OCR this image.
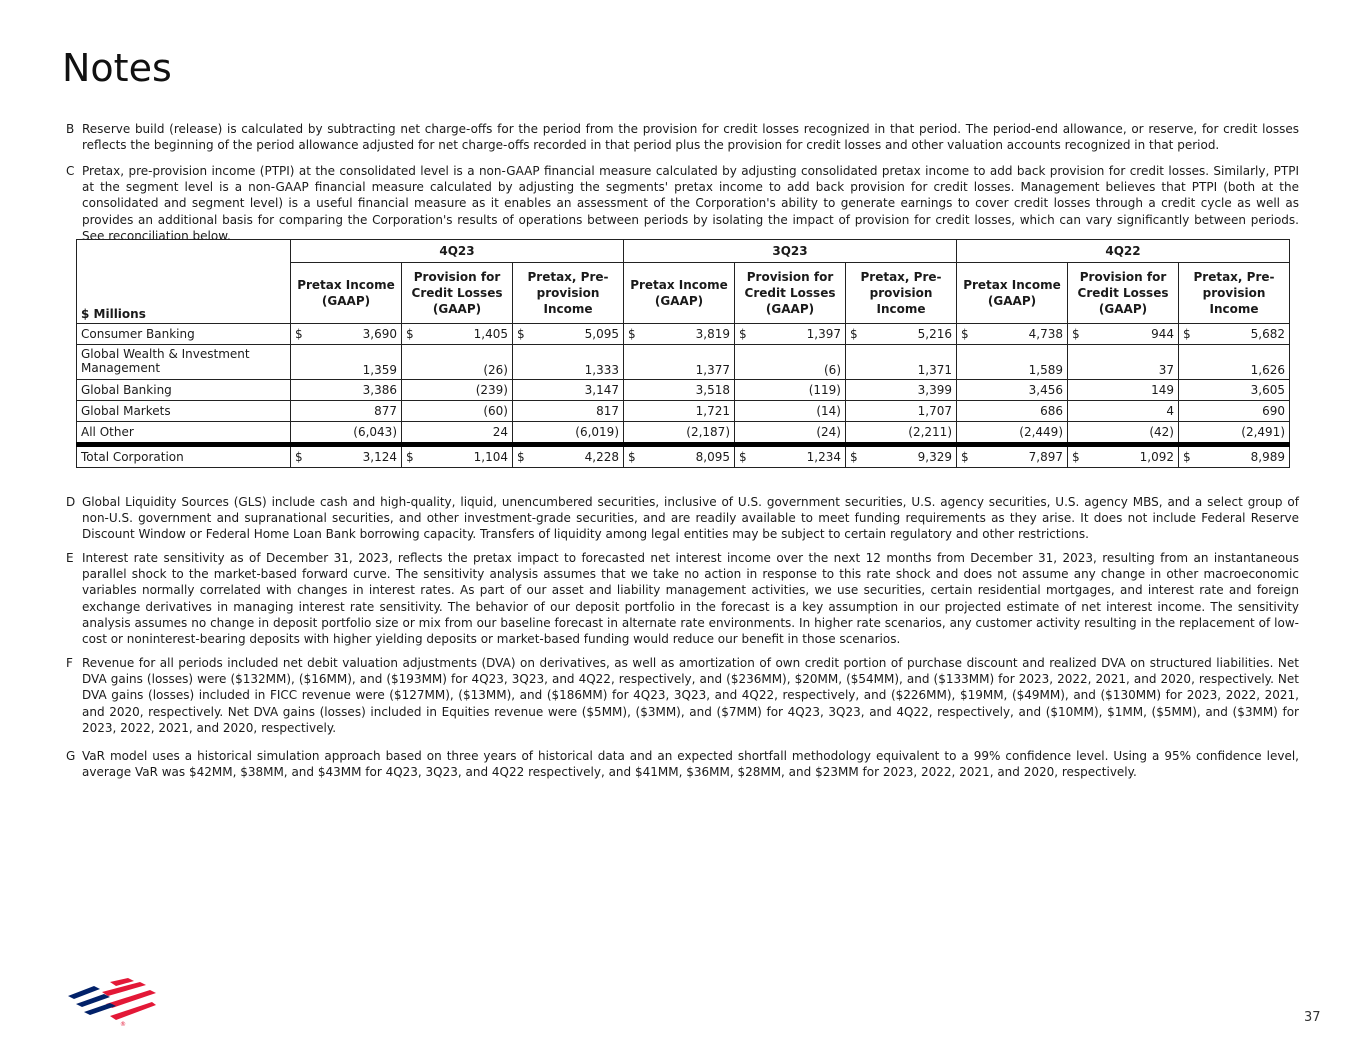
Notes
B Reserve build (release) is calculated by subtracting net charge-offs for the period from the provision for credit losses recognized in that period. The period-end allowance, or reserve, for credit losses reflects the beginning of the period allowance adjusted for net charge-offs recorded in that period plus the provision for credit losses and other valuation accounts recognized in that period.
C Pretax, pre-provision income (PTPI) at the consolidated level is a non-GAAP financial measure calculated by adjusting consolidated pretax income to add back provision for credit losses. Similarly, PTPI at the segment level is a non-GAAP financial measure calculated by adjusting the segments' pretax income to add back provision for credit losses. Management believes that PTPI (both at the consolidated and segment level) is a useful financial measure as it enables an assessment of the Corporation's ability to generate earnings to cover credit losses through a credit cycle as well as provides an additional basis for comparing the Corporation's results of operations between periods by isolating the impact of provision for credit losses, which can vary significantly between periods. See reconciliation below.
$ Millions	4Q23			3Q23			4Q22		
	Pretax Income (GAAP)	Provision for Credit Losses (GAAP)	Pretax, Pre-provision Income	Pretax Income (GAAP)	Provision for Credit Losses (GAAP)	Pretax, Pre-provision Income	Pretax Income (GAAP)	Provision for Credit Losses (GAAP)	Pretax, Pre-provision Income
Consumer Banking	$ 3,690	$ 1,405	$ 5,095	$ 3,819	$ 1,397	$ 5,216	$ 4,738	$ 944	$ 5,682
Global Wealth & Investment Management	1,359	(26)	1,333	1,377	(6)	1,371	1,589	37	1,626
Global Banking	3,386	(239)	3,147	3,518	(119)	3,399	3,456	149	3,605
Global Markets	877	(60)	817	1,721	(14)	1,707	686	4	690
All Other	(6,043)	24	(6,019)	(2,187)	(24)	(2,211)	(2,449)	(42)	(2,491)
Total Corporation	$ 3,124	$ 1,104	$ 4,228	$ 8,095	$ 1,234	$ 9,329	$ 7,897	$ 1,092	$ 8,989
D Global Liquidity Sources (GLS) include cash and high-quality, liquid, unencumbered securities, inclusive of U.S. government securities, U.S. agency securities, U.S. agency MBS, and a select group of non-U.S. government and supranational securities, and other investment-grade securities, and are readily available to meet funding requirements as they arise. It does not include Federal Reserve Discount Window or Federal Home Loan Bank borrowing capacity. Transfers of liquidity among legal entities may be subject to certain regulatory and other restrictions.
E Interest rate sensitivity as of December 31, 2023, reflects the pretax impact to forecasted net interest income over the next 12 months from December 31, 2023, resulting from an instantaneous parallel shock to the market-based forward curve. The sensitivity analysis assumes that we take no action in response to this rate shock and does not assume any change in other macroeconomic variables normally correlated with changes in interest rates. As part of our asset and liability management activities, we use securities, certain residential mortgages, and interest rate and foreign exchange derivatives in managing interest rate sensitivity. The behavior of our deposit portfolio in the forecast is a key assumption in our projected estimate of net interest income. The sensitivity analysis assumes no change in deposit portfolio size or mix from our baseline forecast in alternate rate environments. In higher rate scenarios, any customer activity resulting in the replacement of low-cost or noninterest-bearing deposits with higher yielding deposits or market-based funding would reduce our benefit in those scenarios.
F Revenue for all periods included net debit valuation adjustments (DVA) on derivatives, as well as amortization of own credit portion of purchase discount and realized DVA on structured liabilities. Net DVA gains (losses) were ($132MM), ($16MM), and ($193MM) for 4Q23, 3Q23, and 4Q22, respectively, and ($236MM), $20MM, ($54MM), and ($133MM) for 2023, 2022, 2021, and 2020, respectively. Net DVA gains (losses) included in FICC revenue were ($127MM), ($13MM), and ($186MM) for 4Q23, 3Q23, and 4Q22, respectively, and ($226MM), $19MM, ($49MM), and ($130MM) for 2023, 2022, 2021, and 2020, respectively. Net DVA gains (losses) included in Equities revenue were ($5MM), ($3MM), and ($7MM) for 4Q23, 3Q23, and 4Q22, respectively, and ($10MM), $1MM, ($5MM), and ($3MM) for 2023, 2022, 2021, and 2020, respectively.
G VaR model uses a historical simulation approach based on three years of historical data and an expected shortfall methodology equivalent to a 99% confidence level. Using a 95% confidence level, average VaR was $42MM, $38MM, and $43MM for 4Q23, 3Q23, and 4Q22 respectively, and $41MM, $36MM, $28MM, and $23MM for 2023, 2022, 2021, and 2020, respectively.
®	37
